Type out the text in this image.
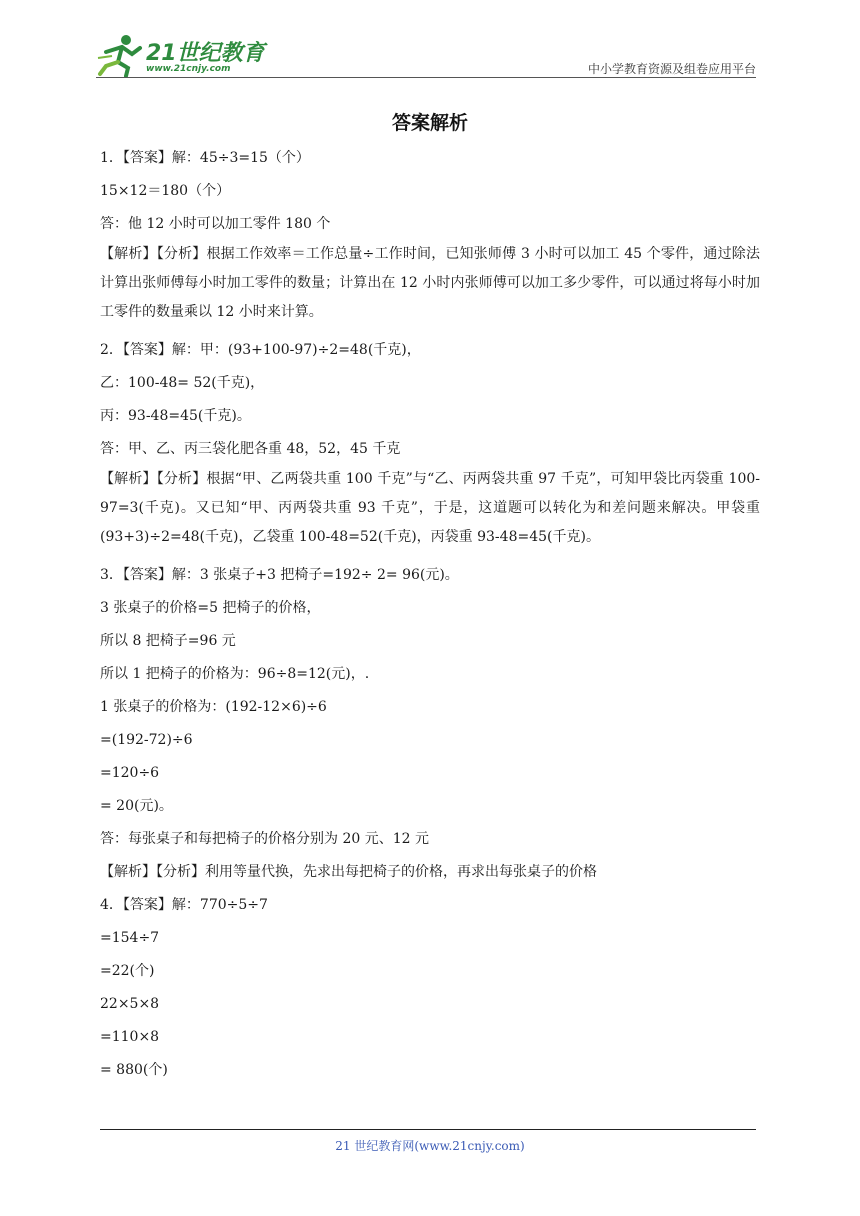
21世纪教育
www.21cnjy.com	中小学教育资源及组卷应用平台
答案解析
1．【答案】解：45÷3=15（个）
15×12＝180（个）
答：他 12 小时可以加工零件 180 个
【解析】【分析】根据工作效率＝工作总量÷工作时间，已知张师傅 3 小时可以加工 45 个零件，通过除法计算出张师傅每小时加工零件的数量；计算出在 12 小时内张师傅可以加工多少零件，可以通过将每小时加工零件的数量乘以 12 小时来计算。
2．【答案】解：甲：(93+100-97)÷2=48(千克)，
乙：100-48= 52(千克)，
丙：93-48=45(千克)。
答：甲、乙、丙三袋化肥各重 48，52，45 千克
【解析】【分析】根据“甲、乙两袋共重 100 千克”与“乙、丙两袋共重 97 千克”，可知甲袋比丙袋重 100-97=3(千克)。又已知“甲、丙两袋共重 93 千克”，于是，这道题可以转化为和差问题来解决。甲袋重(93+3)÷2=48(千克)，乙袋重 100-48=52(千克)，丙袋重 93-48=45(千克)。
3．【答案】解：3 张桌子+3 把椅子=192÷ 2= 96(元)。
3 张桌子的价格=5 把椅子的价格，
所以 8 把椅子=96 元
所以 1 把椅子的价格为：96÷8=12(元)，.
1 张桌子的价格为：(192-12×6)÷6
=(192-72)÷6
=120÷6
= 20(元)。
答：每张桌子和每把椅子的价格分别为 20 元、12 元
【解析】【分析】利用等量代换，先求出每把椅子的价格，再求出每张桌子的价格
4．【答案】解：770÷5÷7
=154÷7
=22(个)
22×5×8
=110×8
= 880(个)
21 世纪教育网(www.21cnjy.com)
